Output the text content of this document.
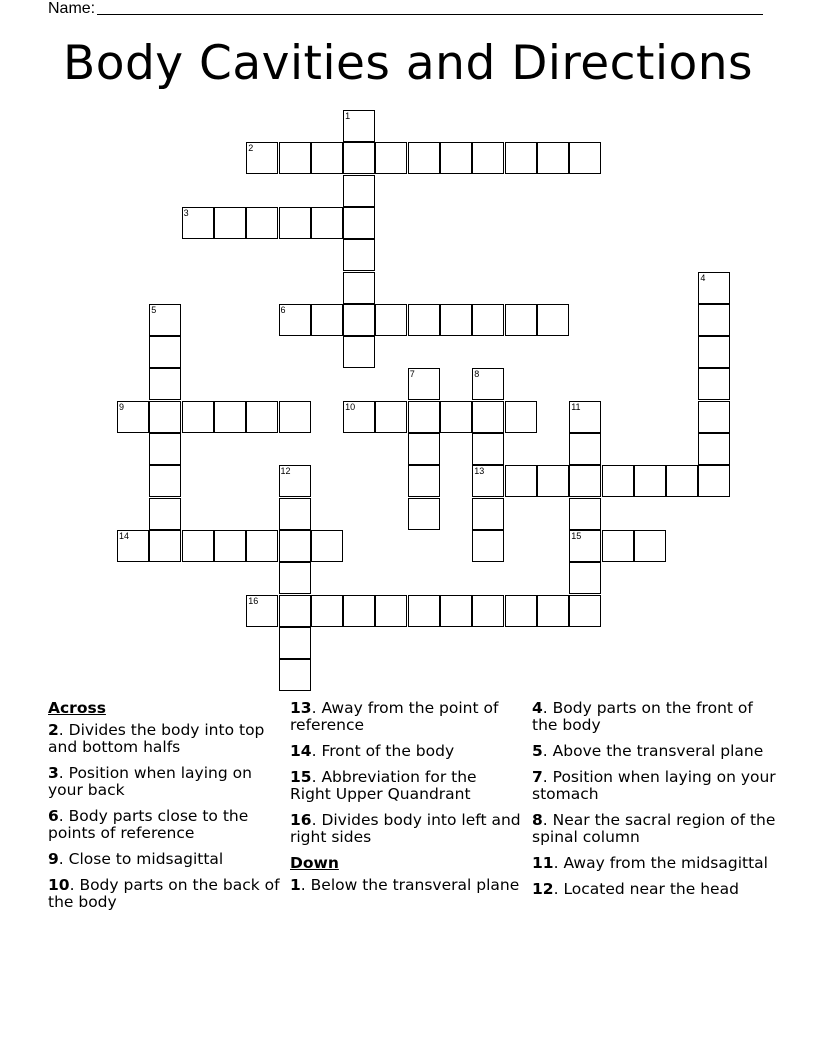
Name:
Body Cavities and Directions
1
2
3
4
5	6
7	8
9	10	11
12	13
14	15
16
Across
2. Divides the body into top and bottom halfs
3. Position when laying on your back
6. Body parts close to the points of reference
9. Close to midsagittal
10. Body parts on the back of the body
13. Away from the point of reference
14. Front of the body
15. Abbreviation for the Right Upper Quandrant
16. Divides body into left and right sides
Down
1. Below the transveral plane
4. Body parts on the front of the body
5. Above the transveral plane
7. Position when laying on your stomach
8. Near the sacral region of the spinal column
11. Away from the midsagittal
12. Located near the head
